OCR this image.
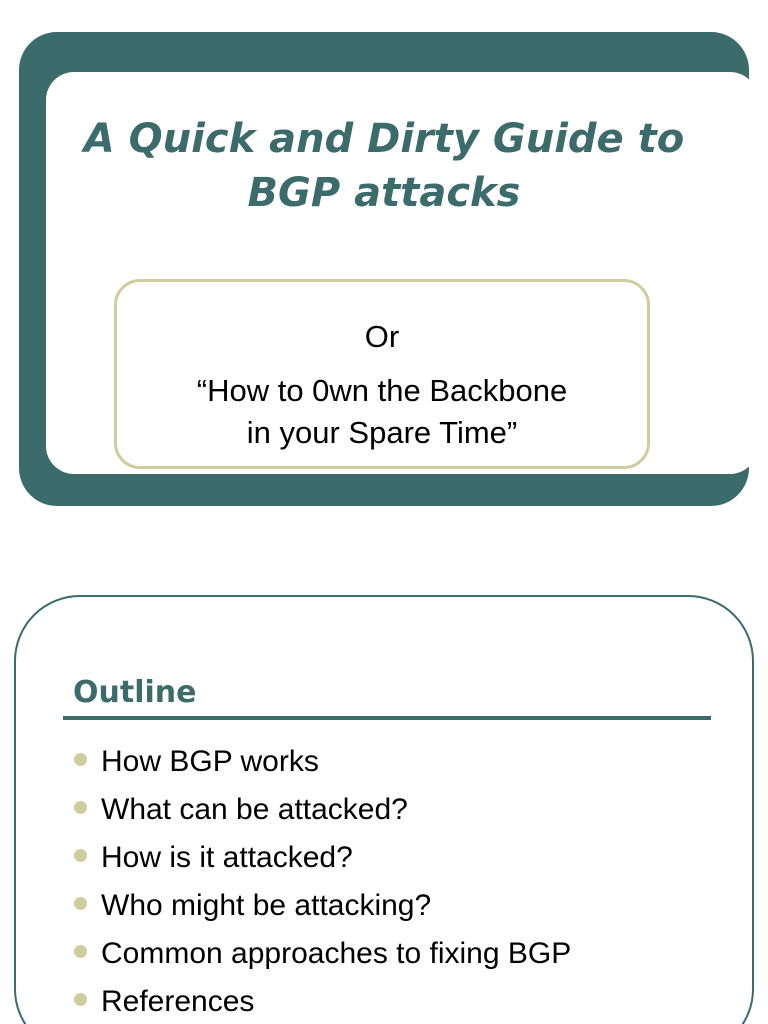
A Quick and Dirty Guide to
BGP attacks
Or
“How to 0wn the Backbone
in your Spare Time”
Outline
How BGP works
What can be attacked?
How is it attacked?
Who might be attacking?
Common approaches to fixing BGP
References
